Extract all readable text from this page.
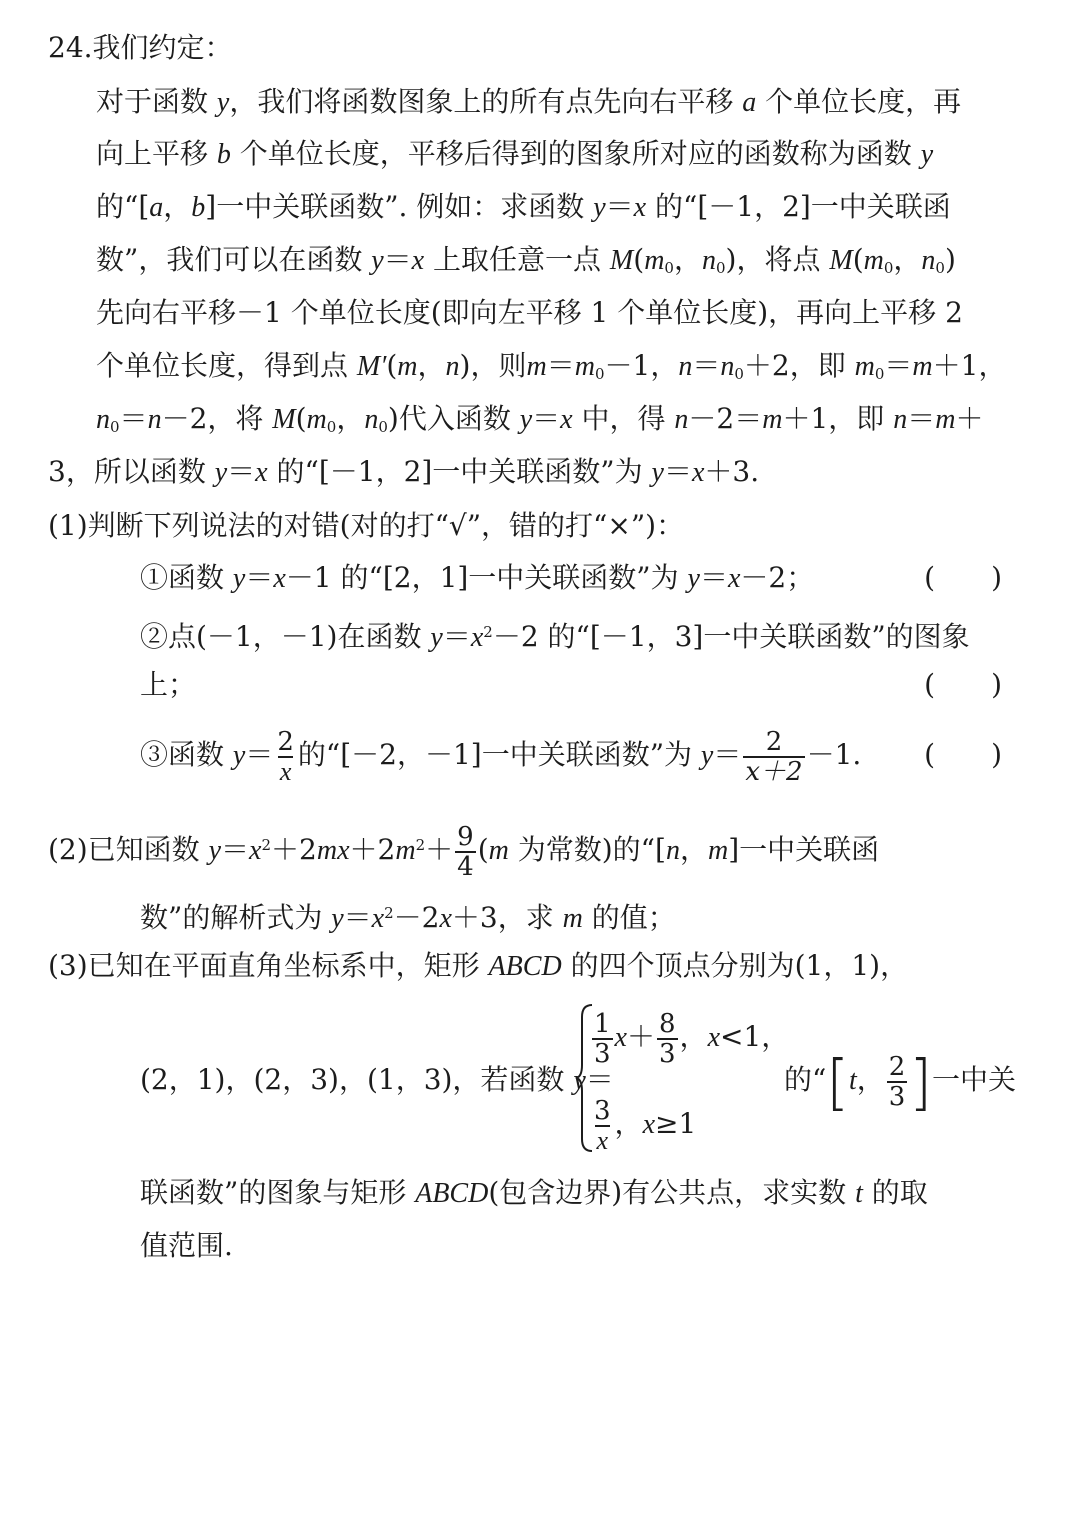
24.我们约定：
对于函数 y，我们将函数图象上的所有点先向右平移 a 个单位长度，再
向上平移 b 个单位长度，平移后得到的图象所对应的函数称为函数 y
的“[a，b]一中关联函数”. 例如：求函数 y＝x 的“[－1，2]一中关联函
数”，我们可以在函数 y＝x 上取任意一点 $M(m_0$，$n_0$)，将点 $M(m_0$，$n_0$)
先向右平移－1 个单位长度(即向左平移 1 个单位长度)，再向上平移 2
个单位长度，得到点 M′(m，n)，则$m=m_0-1$，$n=n_0+2$，即 $m_0=m+1$，
$n_0=n-2$，将 $M(m_0$，$n_0$)代入函数 y＝x 中，得 n－2＝m＋1，即 n＝m＋
3，所以函数 y＝x 的“[－1，2]一中关联函数”为 y＝x＋3.
(1)判断下列说法的对错(对的打“√”，错的打“×”)：
①函数 y＝x－1 的“[2，1]一中关联函数”为 y＝x－2；	(　　)
②点(－1，－1)在函数 $y=x^2-2$ 的“[－1，3]一中关联函数”的图象
上；	(　　)
③函数 $y= \frac{2}{x}$ 的“[－2，－1]一中关联函数”为 $y= \frac{2}{x+2} -1$. (　　)
(2)已知函数 $y=x^2+2mx+2m^2+ \frac{9}{4} (m$ 为常数)的“[n，m]一中关联函
数”的解析式为 $y=x^2-2x+3$，求 m 的值；
(3)已知在平面直角坐标系中，矩形 ABCD 的四个顶点分别为(1，1)，
(2，1)，(2，3)，(1，3)，若函数 y＝
$\frac{1}{3} x+ \frac{8}{3}$ ，x<1，
$\frac{3}{x}$ ，x≥1
的“[t， $\frac{2}{3}$ ]一中关
联函数”的图象与矩形 ABCD(包含边界)有公共点，求实数 t 的取
值范围.
